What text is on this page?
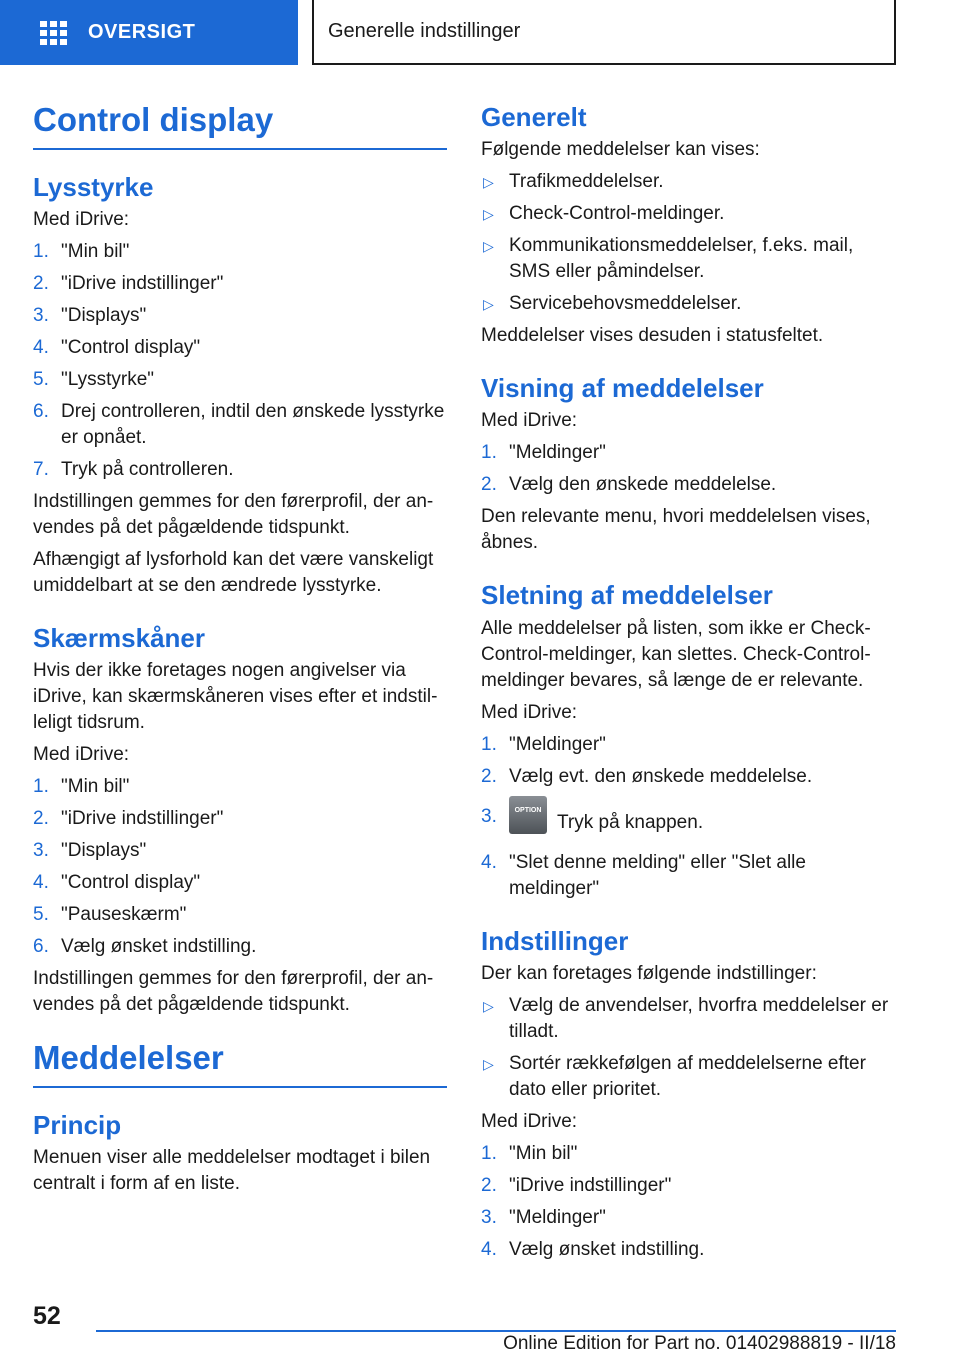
OVERSIGT	Generelle indstillinger
Control display
Lysstyrke

Med iDrive:

1. "Min bil"
2. "iDrive indstillinger"
3. "Displays"
4. "Control display"
5. "Lysstyrke"
6. Drej controlleren, indtil den ønskede lysstyrke er opnået.
7. Tryk på controlleren.

Indstillingen gemmes for den førerprofil, der an- vendes på det pågældende tidspunkt.

Afhængigt af lysforhold kan det være vanskeligt umiddelbart at se den ændrede lysstyrke.

Skærmskåner

Hvis der ikke foretages nogen angivelser via iDrive, kan skærmskåneren vises efter et indstil- leligt tidsrum.

Med iDrive:

1. "Min bil"
2. "iDrive indstillinger"
3. "Displays"
4. "Control display"
5. "Pauseskærm"
6. Vælg ønsket indstilling.

Indstillingen gemmes for den førerprofil, der an- vendes på det pågældende tidspunkt.

Meddelelser
Princip

Menuen viser alle meddelelser modtaget i bilen centralt i form af en liste.

Generelt

Følgende meddelelser kan vises:

▷ Trafikmeddelelser.
▷ Check-Control-meldinger.
▷ Kommunikationsmeddelelser, f.eks. mail, SMS eller påmindelser.
▷ Servicebehovsmeddelelser.

Meddelelser vises desuden i statusfeltet.

Visning af meddelelser

Med iDrive:

1. "Meldinger"
2. Vælg den ønskede meddelelse.

Den relevante menu, hvori meddelelsen vises, åbnes.

Sletning af meddelelser

Alle meddelelser på listen, som ikke er Check- Control-meldinger, kan slettes. Check-Control- meldinger bevares, så længe de er relevante.

Med iDrive:

1. "Meldinger"
2. Vælg evt. den ønskede meddelelse.
3.	OPTIONTryk på knappen.
4. "Slet denne melding" eller "Slet alle meldinger"
Indstillinger

Der kan foretages følgende indstillinger:

▷ Vælg de anvendelser, hvorfra meddelelser er tilladt.
▷ Sortér rækkefølgen af meddelelserne efter dato eller prioritet.

Med iDrive:

1. "Min bil"
2. "iDrive indstillinger"
3. "Meldinger"
4. Vælg ønsket indstilling.
52
Online Edition for Part no. 01402988819 - II/18
